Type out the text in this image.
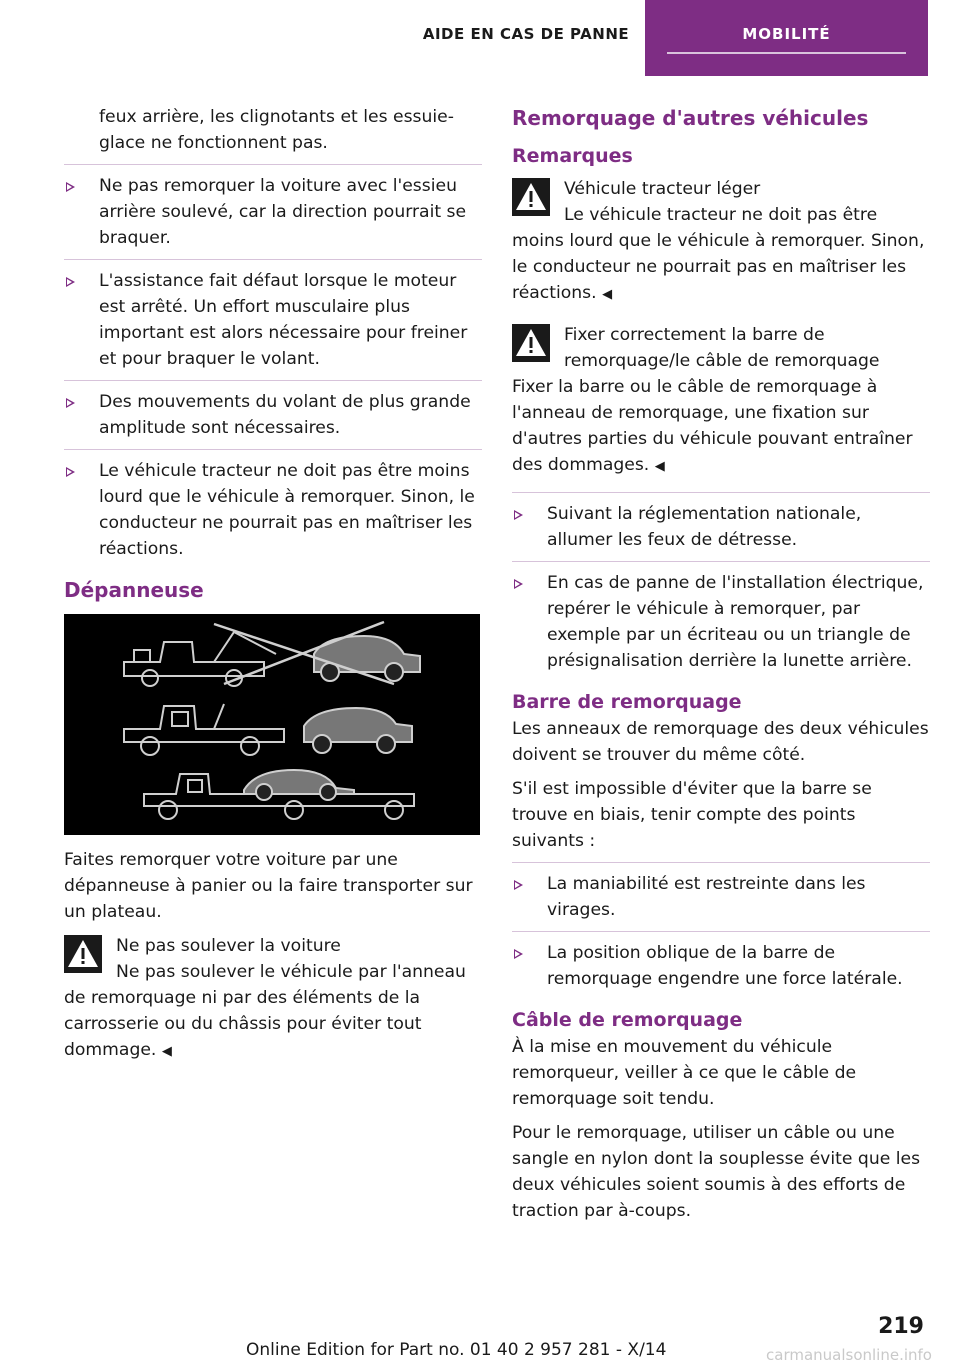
AIDE EN CAS DE PANNE	MOBILITÉ

feux arrière, les clignotants et les essuie-glace ne fonctionnent pas.

Ne pas remorquer la voiture avec l'essieu arrière soulevé, car la direction pourrait se braquer.
L'assistance fait défaut lorsque le moteur est arrêté. Un effort musculaire plus important est alors nécessaire pour freiner et pour braquer le volant.
Des mouvements du volant de plus grande amplitude sont nécessaires.
Le véhicule tracteur ne doit pas être moins lourd que le véhicule à remorquer. Sinon, le conducteur ne pourrait pas en maîtriser les réactions.
Dépanneuse

Faites remorquer votre voiture par une dépanneuse à panier ou la faire transporter sur un plateau.

Ne pas soulever la voiture
Ne pas soulever le véhicule par l'anneau

de remorquage ni par des éléments de la carrosserie ou du châssis pour éviter tout dommage. ◀

Remorquage d'autres véhicules
Remarques
Véhicule tracteur léger
Le véhicule tracteur ne doit pas être

moins lourd que le véhicule à remorquer. Sinon, le conducteur ne pourrait pas en maîtriser les réactions. ◀

Fixer correctement la barre de remorquage/le câble de remorquage

Fixer la barre ou le câble de remorquage à l'anneau de remorquage, une fixation sur d'autres parties du véhicule pouvant entraîner des dommages. ◀

Suivant la réglementation nationale, allumer les feux de détresse.
En cas de panne de l'installation électrique, repérer le véhicule à remorquer, par exemple par un écriteau ou un triangle de présignalisation derrière la lunette arrière.
Barre de remorquage

Les anneaux de remorquage des deux véhicules doivent se trouver du même côté.

S'il est impossible d'éviter que la barre se trouve en biais, tenir compte des points suivants :

La maniabilité est restreinte dans les virages.
La position oblique de la barre de remorquage engendre une force latérale.
Câble de remorquage

À la mise en mouvement du véhicule remorqueur, veiller à ce que le câble de remorquage soit tendu.

Pour le remorquage, utiliser un câble ou une sangle en nylon dont la souplesse évite que les deux véhicules soient soumis à des efforts de traction par à-coups.

219
Online Edition for Part no. 01 40 2 957 281 - X/14	carmanualsonline.info
